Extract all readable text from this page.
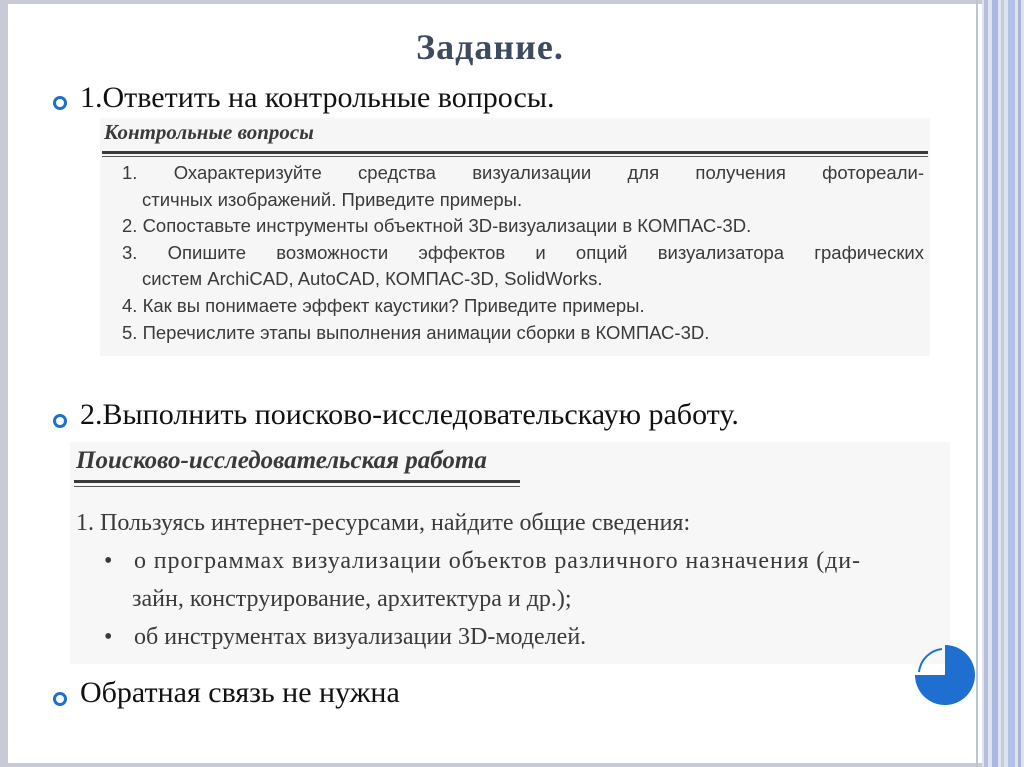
Задание.
1.Ответить на контрольные вопросы.
Контрольные вопросы
1. Охарактеризуйте средства визуализации для получения фотореали-
стичных изображений. Приведите примеры.
2. Сопоставьте инструменты объектной 3D-визуализации в КОМПАС-3D.
3. Опишите возможности эффектов и опций визуализатора графических
систем ArchiCAD, AutoCAD, КОМПАС-3D, SolidWorks.
4. Как вы понимаете эффект каустики? Приведите примеры.
5. Перечислите этапы выполнения анимации сборки в КОМПАС-3D.
2.Выполнить поисково-исследовательскаую работу.
Поисково-исследовательская работа
1. Пользуясь интернет-ресурсами, найдите общие сведения:
• о программах визуализации объектов различного назначения (ди-
зайн, конструирование, архитектура и др.);
• об инструментах визуализации 3D-моделей.
Обратная связь не нужна
